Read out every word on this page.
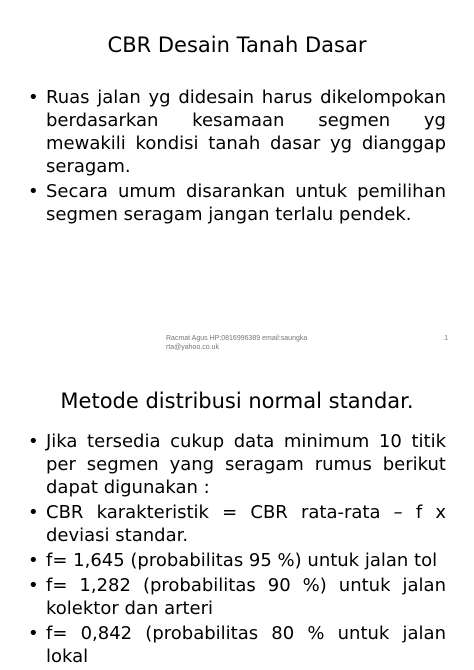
CBR Desain Tanah Dasar
• Ruas jalan yg didesain harus dikelompokan berdasarkan kesamaan segmen yg mewakili kondisi tanah dasar yg dianggap seragam.
• Secara umum disarankan untuk pemilihan segmen seragam jangan terlalu pendek.
Racmat Agus HP:0816996389 email:saungkarta@yahoo.co.uk
1
Metode distribusi normal standar.
• Jika tersedia cukup data minimum 10 titik per segmen yang seragam rumus berikut dapat digunakan :
• CBR karakteristik = CBR rata-rata – f x deviasi standar.
• f= 1,645 (probabilitas 95 %) untuk jalan tol
• f= 1,282 (probabilitas 90 %) untuk jalan kolektor dan arteri
• f= 0,842 (probabilitas 80 % untuk jalan lokal
